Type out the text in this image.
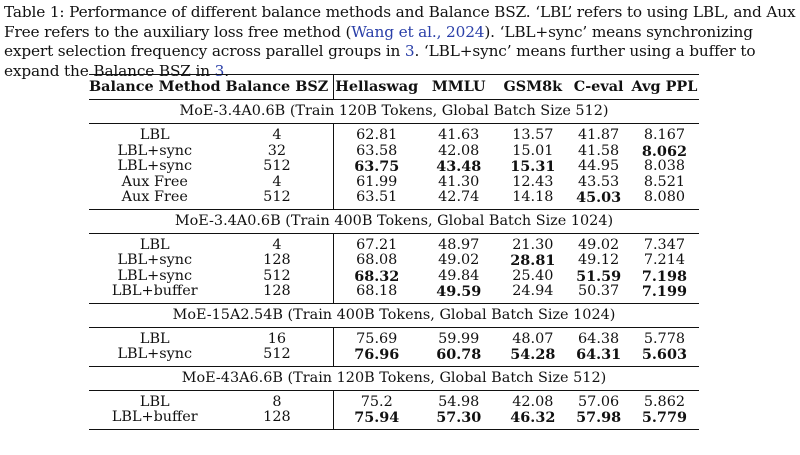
Table 1: Performance of different balance methods and Balance BSZ. ‘LBL’ refers to using LBL, and Aux Free refers to the auxiliary loss free method (Wang et al., 2024). ‘LBL+sync’ means synchronizing expert selection frequency across parallel groups in 3. ‘LBL+sync’ means further using a buffer to expand the Balance BSZ in 3.
Balance Method	Balance BSZ	Hellaswag	MMLU	GSM8k	C-eval	Avg PPL
MoE-3.4A0.6B (Train 120B Tokens, Global Batch Size 512)						
LBL	4	62.81	41.63	13.57	41.87	8.167
LBL+sync	32	63.58	42.08	15.01	41.58	8.062
LBL+sync	512	63.75	43.48	15.31	44.95	8.038
Aux Free	4	61.99	41.30	12.43	43.53	8.521
Aux Free	512	63.51	42.74	14.18	45.03	8.080
MoE-3.4A0.6B (Train 400B Tokens, Global Batch Size 1024)						
LBL	4	67.21	48.97	21.30	49.02	7.347
LBL+sync	128	68.08	49.02	28.81	49.12	7.214
LBL+sync	512	68.32	49.84	25.40	51.59	7.198
LBL+buffer	128	68.18	49.59	24.94	50.37	7.199
MoE-15A2.54B (Train 400B Tokens, Global Batch Size 1024)						
LBL	16	75.69	59.99	48.07	64.38	5.778
LBL+sync	512	76.96	60.78	54.28	64.31	5.603
MoE-43A6.6B (Train 120B Tokens, Global Batch Size 512)						
LBL	8	75.2	54.98	42.08	57.06	5.862
LBL+buffer	128	75.94	57.30	46.32	57.98	5.779
